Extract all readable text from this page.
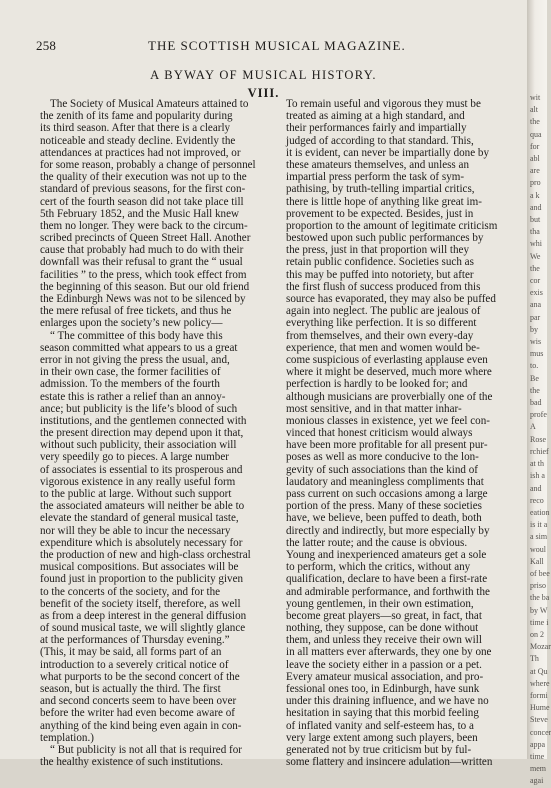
258	THE SCOTTISH MUSICAL MAGAZINE.
A BYWAY OF MUSICAL HISTORY.
VIII.
The Society of Musical Amateurs attained to
the zenith of its fame and popularity during
its third season. After that there is a clearly
noticeable and steady decline. Evidently the
attendances at practices had not improved, or
for some reason, probably a change of personnel
the quality of their execution was not up to the
standard of previous seasons, for the first con-
cert of the fourth season did not take place till
5th February 1852, and the Music Hall knew
them no longer. They were back to the circum-
scribed precincts of Queen Street Hall. Another
cause that probably had much to do with their
downfall was their refusal to grant the “ usual
facilities ” to the press, which took effect from
the beginning of this season. But our old friend
the Edinburgh News was not to be silenced by
the mere refusal of free tickets, and thus he
enlarges upon the society’s new policy—
“ The committee of this body have this
season committed what appears to us a great
error in not giving the press the usual, and,
in their own case, the former facilities of
admission. To the members of the fourth
estate this is rather a relief than an annoy-
ance; but publicity is the life’s blood of such
institutions, and the gentlemen connected with
the present direction may depend upon it that,
without such publicity, their association will
very speedily go to pieces. A large number
of associates is essential to its prosperous and
vigorous existence in any really useful form
to the public at large. Without such support
the associated amateurs will neither be able to
elevate the standard of general musical taste,
nor will they be able to incur the necessary
expenditure which is absolutely necessary for
the production of new and high-class orchestral
musical compositions. But associates will be
found just in proportion to the publicity given
to the concerts of the society, and for the
benefit of the society itself, therefore, as well
as from a deep interest in the general diffusion
of sound musical taste, we will slightly glance
at the performances of Thursday evening.”
(This, it may be said, all forms part of an
introduction to a severely critical notice of
what purports to be the second concert of the
season, but is actually the third. The first
and second concerts seem to have been over
before the writer had even become aware of
anything of the kind being even again in con-
templation.)
“ But publicity is not all that is required for
the healthy existence of such institutions.
To remain useful and vigorous they must be
treated as aiming at a high standard, and
their performances fairly and impartially
judged of according to that standard. This,
it is evident, can never be impartially done by
these amateurs themselves, and unless an
impartial press perform the task of sym-
pathising, by truth-telling impartial critics,
there is little hope of anything like great im-
provement to be expected. Besides, just in
proportion to the amount of legitimate criticism
bestowed upon such public performances by
the press, just in that proportion will they
retain public confidence. Societies such as
this may be puffed into notoriety, but after
the first flush of success produced from this
source has evaporated, they may also be puffed
again into neglect. The public are jealous of
everything like perfection. It is so different
from themselves, and their own every-day
experience, that men and women would be-
come suspicious of everlasting applause even
where it might be deserved, much more where
perfection is hardly to be looked for; and
although musicians are proverbially one of the
most sensitive, and in that matter inhar-
monious classes in existence, yet we feel con-
vinced that honest criticism would always
have been more profitable for all present pur-
poses as well as more conducive to the lon-
gevity of such associations than the kind of
laudatory and meaningless compliments that
pass current on such occasions among a large
portion of the press. Many of these societies
have, we believe, been puffed to death, both
directly and indirectly, but more especially by
the latter route; and the cause is obvious.
Young and inexperienced amateurs get a sole
to perform, which the critics, without any
qualification, declare to have been a first-rate
and admirable performance, and forthwith the
young gentlemen, in their own estimation,
become great players—so great, in fact, that
nothing, they suppose, can be done without
them, and unless they receive their own will
in all matters ever afterwards, they one by one
leave the society either in a passion or a pet.
Every amateur musical association, and pro-
fessional ones too, in Edinburgh, have sunk
under this draining influence, and we have no
hesitation in saying that this morbid feeling
of inflated vanity and self-esteem has, to a
very large extent among such players, been
generated not by true criticism but by ful-
some flattery and insincere adulation—written
wit
alt
the
qua
for
abl
are
pro
a k
and
but
tha
whi
We
the
cor
exis
ana
par
by
wis
mus
to.
Be
the
bad
profe
A
Rose
rchief
at th
ish a
and
reco
eation
is it a
a sim
woul
Kall
of bee
priso
the ba
by W
time i
on 2
Mozar
Th
at Qu
where
formi
Hume
Steve
concer
appa
time
mem
agai
